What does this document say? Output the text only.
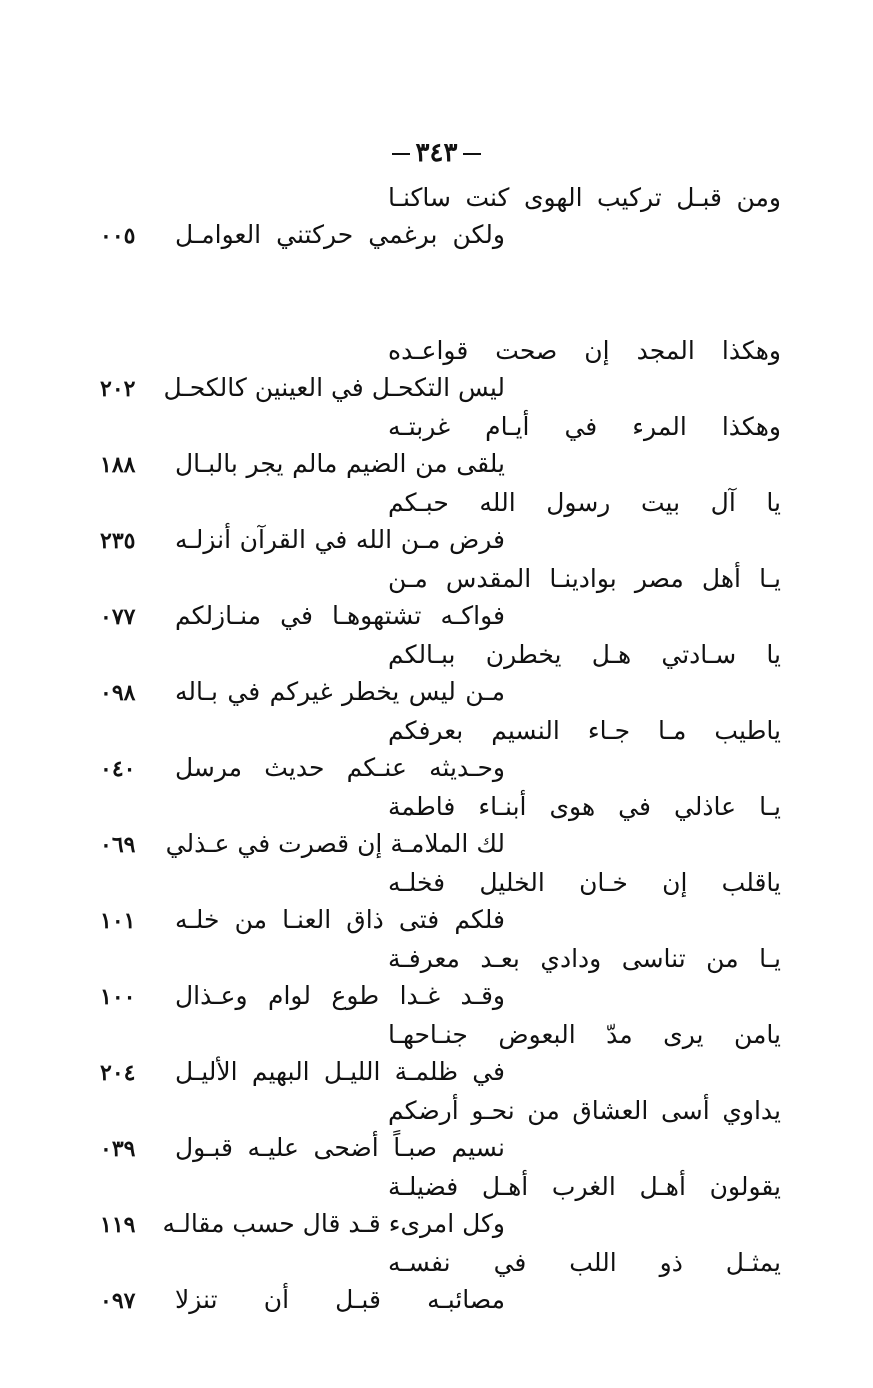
٣٤٣
ومن قبـل تركيب الهوى كنت ساكنـا
ولكن برغمي حركتني العوامـل
٠٠٥
وهكذا المجد إن صحت قواعـده
ليس التكحـل في العينين كالكحـل
٢٠٢
وهكذا المرء في أيـام غربتـه
يلقى من الضيم مالم يجر بالبـال
١٨٨
يا آل بيت رسول الله حبـكم
فرض مـن الله في القرآن أنزلـه
٢٣٥
يـا أهل مصر بوادينـا المقدس مـن
فواكـه تشتهوهـا في منـازلكم
٠٧٧
يا سـادتي هـل يخطرن ببـالكم
مـن ليس يخطر غيركم في بـاله
٠٩٨
ياطيب مـا جـاء النسيم بعرفكم
وحـديثه عنـكم حديث مرسل
٠٤٠
يـا عاذلي في هوى أبنـاء فاطمة
لك الملامـة إن قصرت في عـذلي
٠٦٩
ياقلب إن خـان الخليل فخلـه
فلكم فتى ذاق العنـا من خلـه
١٠١
يـا من تناسى ودادي بعـد معرفـة
وقـد غـدا طوع لوام وعـذال
١٠٠
يامن يرى مدّ البعوض جنـاحهـا
في ظلمـة الليـل البهيم الأليـل
٢٠٤
يداوي أسى العشاق من نحـو أرضكم
نسيم صبـاً أضحى عليـه قبـول
٠٣٩
يقولون أهـل الغرب أهـل فضيلـة
وكل امرىء قـد قال حسب مقالـه
١١٩
يمثـل ذو اللب في نفسـه
مصائبـه قبـل أن تنزلا
٠٩٧
